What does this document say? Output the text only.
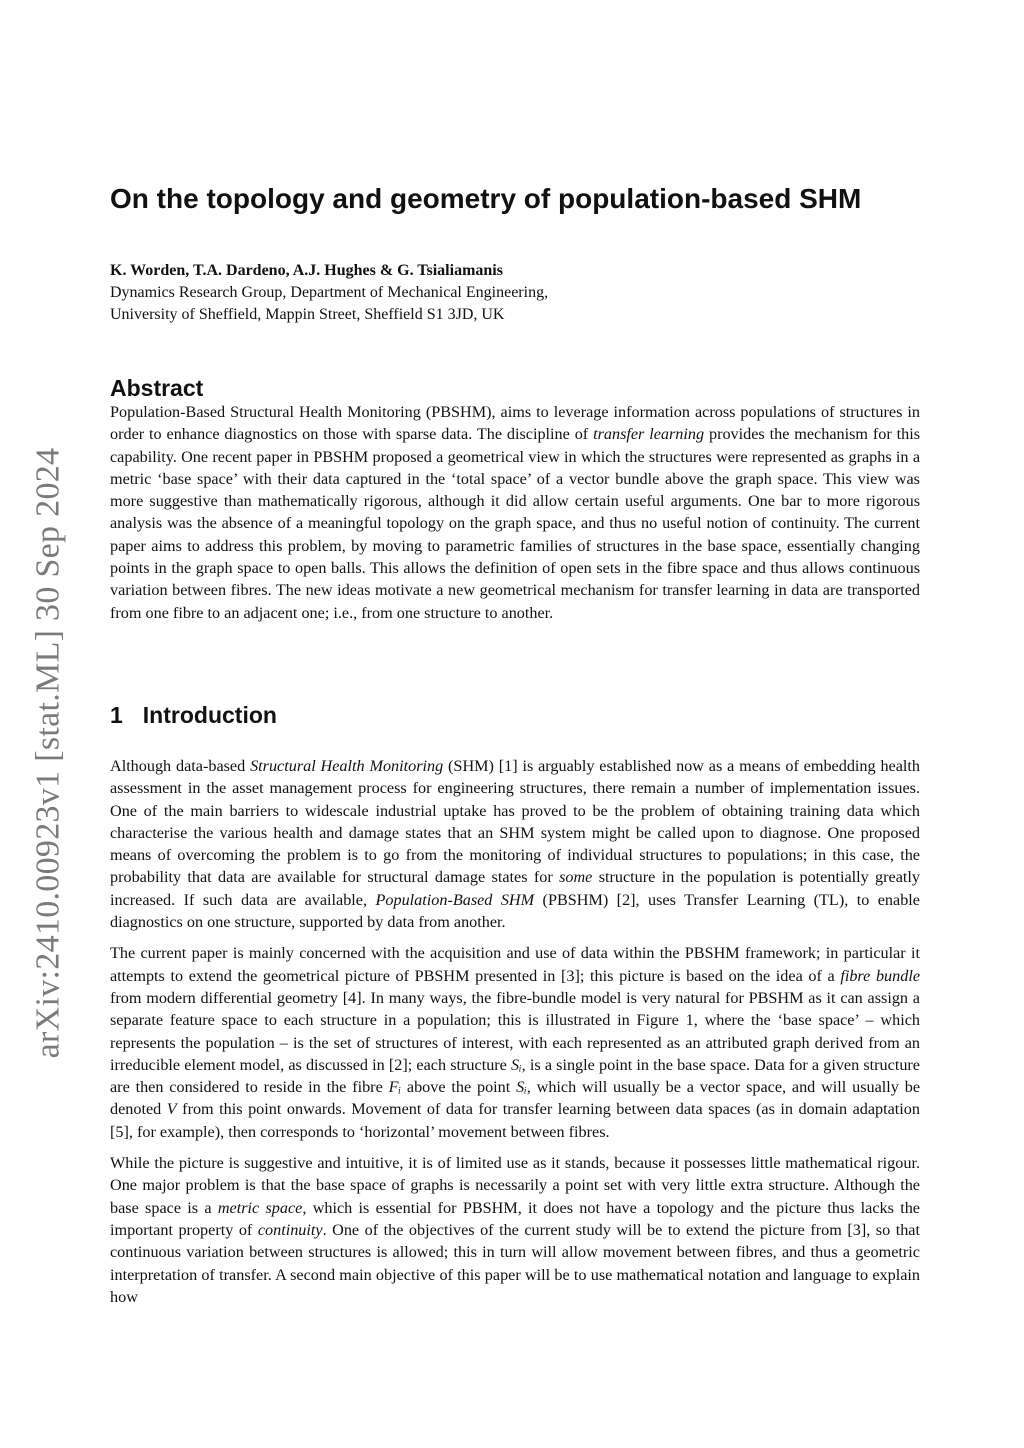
arXiv:2410.00923v1 [stat.ML] 30 Sep 2024
On the topology and geometry of population-based SHM
K. Worden, T.A. Dardeno, A.J. Hughes & G. Tsialiamanis
Dynamics Research Group, Department of Mechanical Engineering,
University of Sheffield, Mappin Street, Sheffield S1 3JD, UK
Abstract

Population-Based Structural Health Monitoring (PBSHM), aims to leverage information across populations of structures in order to enhance diagnostics on those with sparse data. The discipline of transfer learning provides the mechanism for this capability. One recent paper in PBSHM proposed a geometrical view in which the structures were represented as graphs in a metric ‘base space’ with their data captured in the ‘total space’ of a vector bundle above the graph space. This view was more suggestive than mathematically rigorous, although it did allow certain useful arguments. One bar to more rigorous analysis was the absence of a meaningful topology on the graph space, and thus no useful notion of continuity. The current paper aims to address this problem, by moving to parametric families of structures in the base space, essentially changing points in the graph space to open balls. This allows the definition of open sets in the fibre space and thus allows continuous variation between fibres. The new ideas motivate a new geometrical mechanism for transfer learning in data are transported from one fibre to an adjacent one; i.e., from one structure to another.

1 Introduction

Although data-based Structural Health Monitoring (SHM) [1] is arguably established now as a means of embedding health assessment in the asset management process for engineering structures, there remain a number of implementation issues. One of the main barriers to widescale industrial uptake has proved to be the problem of obtaining training data which characterise the various health and damage states that an SHM system might be called upon to diagnose. One proposed means of overcoming the problem is to go from the monitoring of individual structures to populations; in this case, the probability that data are available for structural damage states for some structure in the population is potentially greatly increased. If such data are available, Population-Based SHM (PBSHM) [2], uses Transfer Learning (TL), to enable diagnostics on one structure, supported by data from another.

The current paper is mainly concerned with the acquisition and use of data within the PBSHM framework; in particular it attempts to extend the geometrical picture of PBSHM presented in [3]; this picture is based on the idea of a fibre bundle from modern differential geometry [4]. In many ways, the fibre-bundle model is very natural for PBSHM as it can assign a separate feature space to each structure in a population; this is illustrated in Figure 1, where the ‘base space’ – which represents the population – is the set of structures of interest, with each represented as an attributed graph derived from an irreducible element model, as discussed in [2]; each structure Sᵢ, is a single point in the base space. Data for a given structure are then considered to reside in the fibre Fᵢ above the point Sᵢ, which will usually be a vector space, and will usually be denoted V from this point onwards. Movement of data for transfer learning between data spaces (as in domain adaptation [5], for example), then corresponds to ‘horizontal’ movement between fibres.

While the picture is suggestive and intuitive, it is of limited use as it stands, because it possesses little mathematical rigour. One major problem is that the base space of graphs is necessarily a point set with very little extra structure. Although the base space is a metric space, which is essential for PBSHM, it does not have a topology and the picture thus lacks the important property of continuity. One of the objectives of the current study will be to extend the picture from [3], so that continuous variation between structures is allowed; this in turn will allow movement between fibres, and thus a geometric interpretation of transfer. A second main objective of this paper will be to use mathematical notation and language to explain how
